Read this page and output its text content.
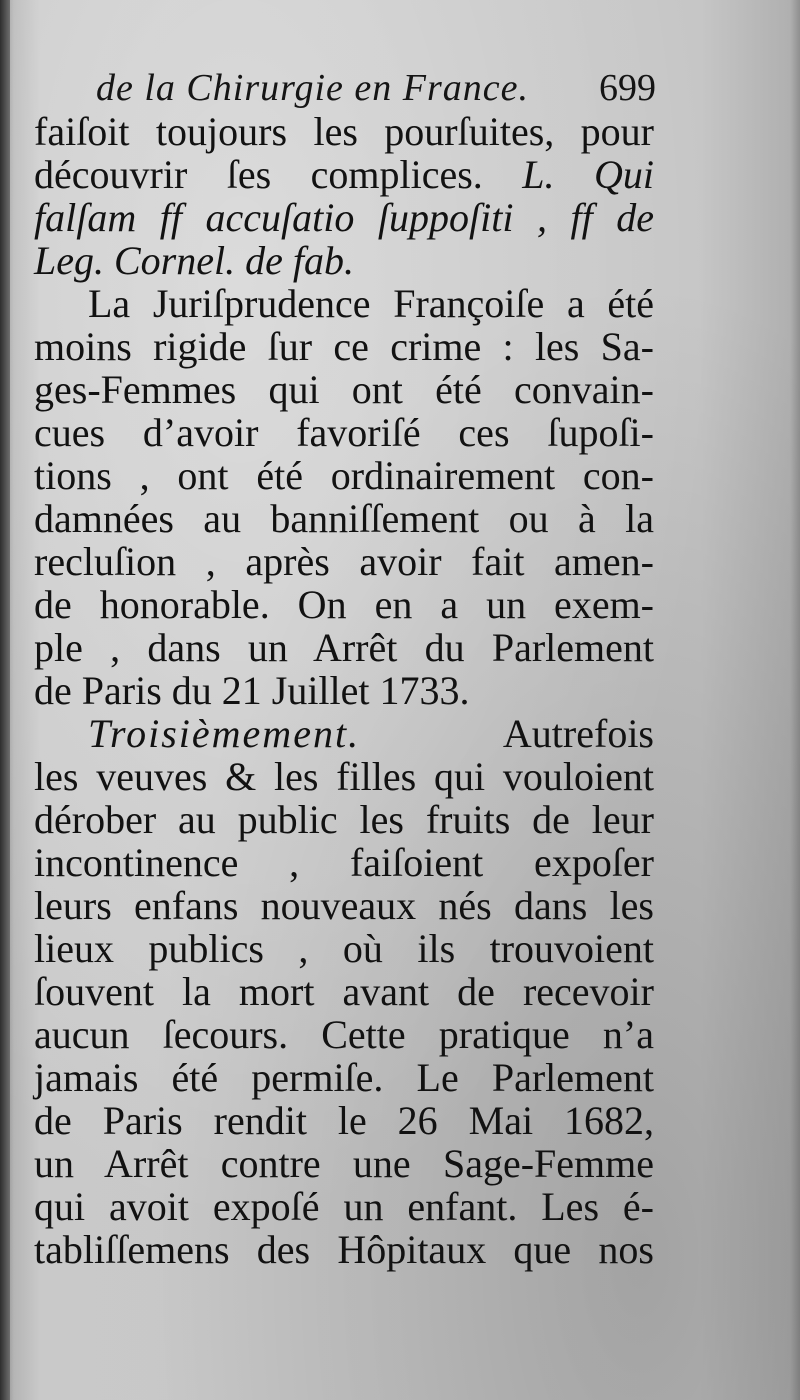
de la Chirurgie en France. 699
faiſoit toujours les pourſuites, pour
découvrir ſes complices. L. Qui
falſam ff accuſatio ſuppoſiti , ff de
Leg. Cornel. de fab.
La Juriſprudence Françoiſe a été
moins rigide ſur ce crime : les Sa-
ges-Femmes qui ont été convain-
cues d’avoir favoriſé ces ſupoſi-
tions , ont été ordinairement con-
damnées au banniſſement ou à la
recluſion , après avoir fait amen-
de honorable. On en a un exem-
ple , dans un Arrêt du Parlement
de Paris du 21 Juillet 1733.
Troisièmement. Autrefois
les veuves & les filles qui vouloient
dérober au public les fruits de leur
incontinence , faiſoient expoſer
leurs enfans nouveaux nés dans les
lieux publics , où ils trouvoient
ſouvent la mort avant de recevoir
aucun ſecours. Cette pratique n’a
jamais été permiſe. Le Parlement
de Paris rendit le 26 Mai 1682,
un Arrêt contre une Sage-Femme
qui avoit expoſé un enfant. Les é-
tabliſſemens des Hôpitaux que nos
